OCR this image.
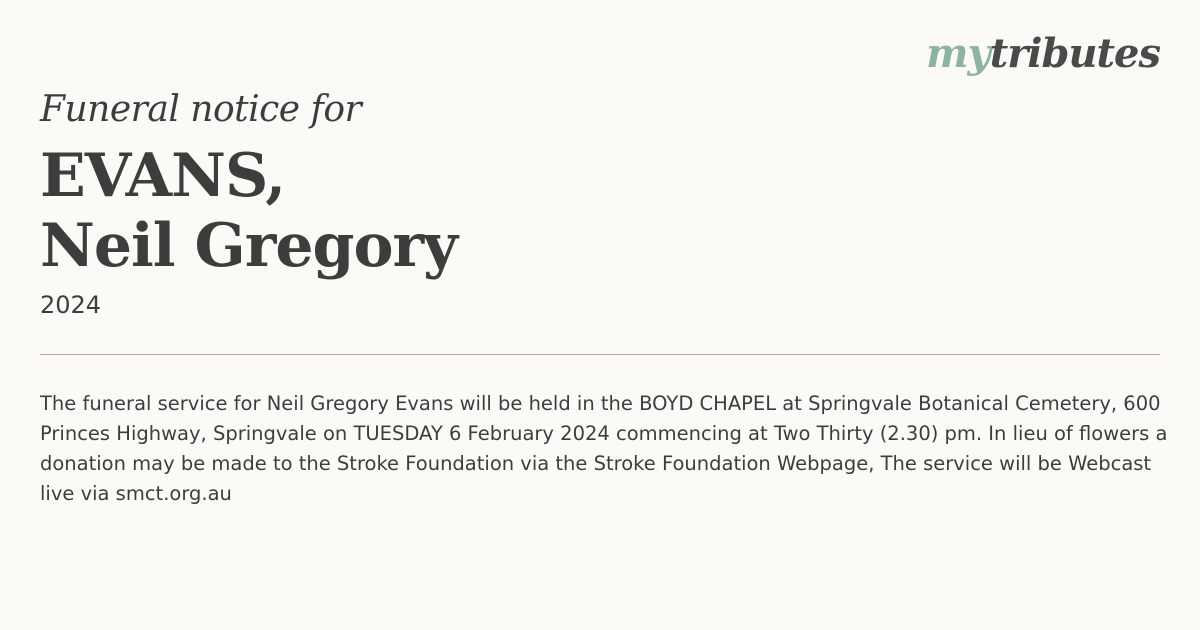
mytributes

Funeral notice for

EVANS,

Neil Gregory

2024

The funeral service for Neil Gregory Evans will be held in the BOYD CHAPEL at Springvale Botanical Cemetery, 600 Princes Highway, Springvale on TUESDAY 6 February 2024 commencing at Two Thirty (2.30) pm. In lieu of flowers a donation may be made to the Stroke Foundation via the Stroke Foundation Webpage, The service will be Webcast live via smct.org.au
